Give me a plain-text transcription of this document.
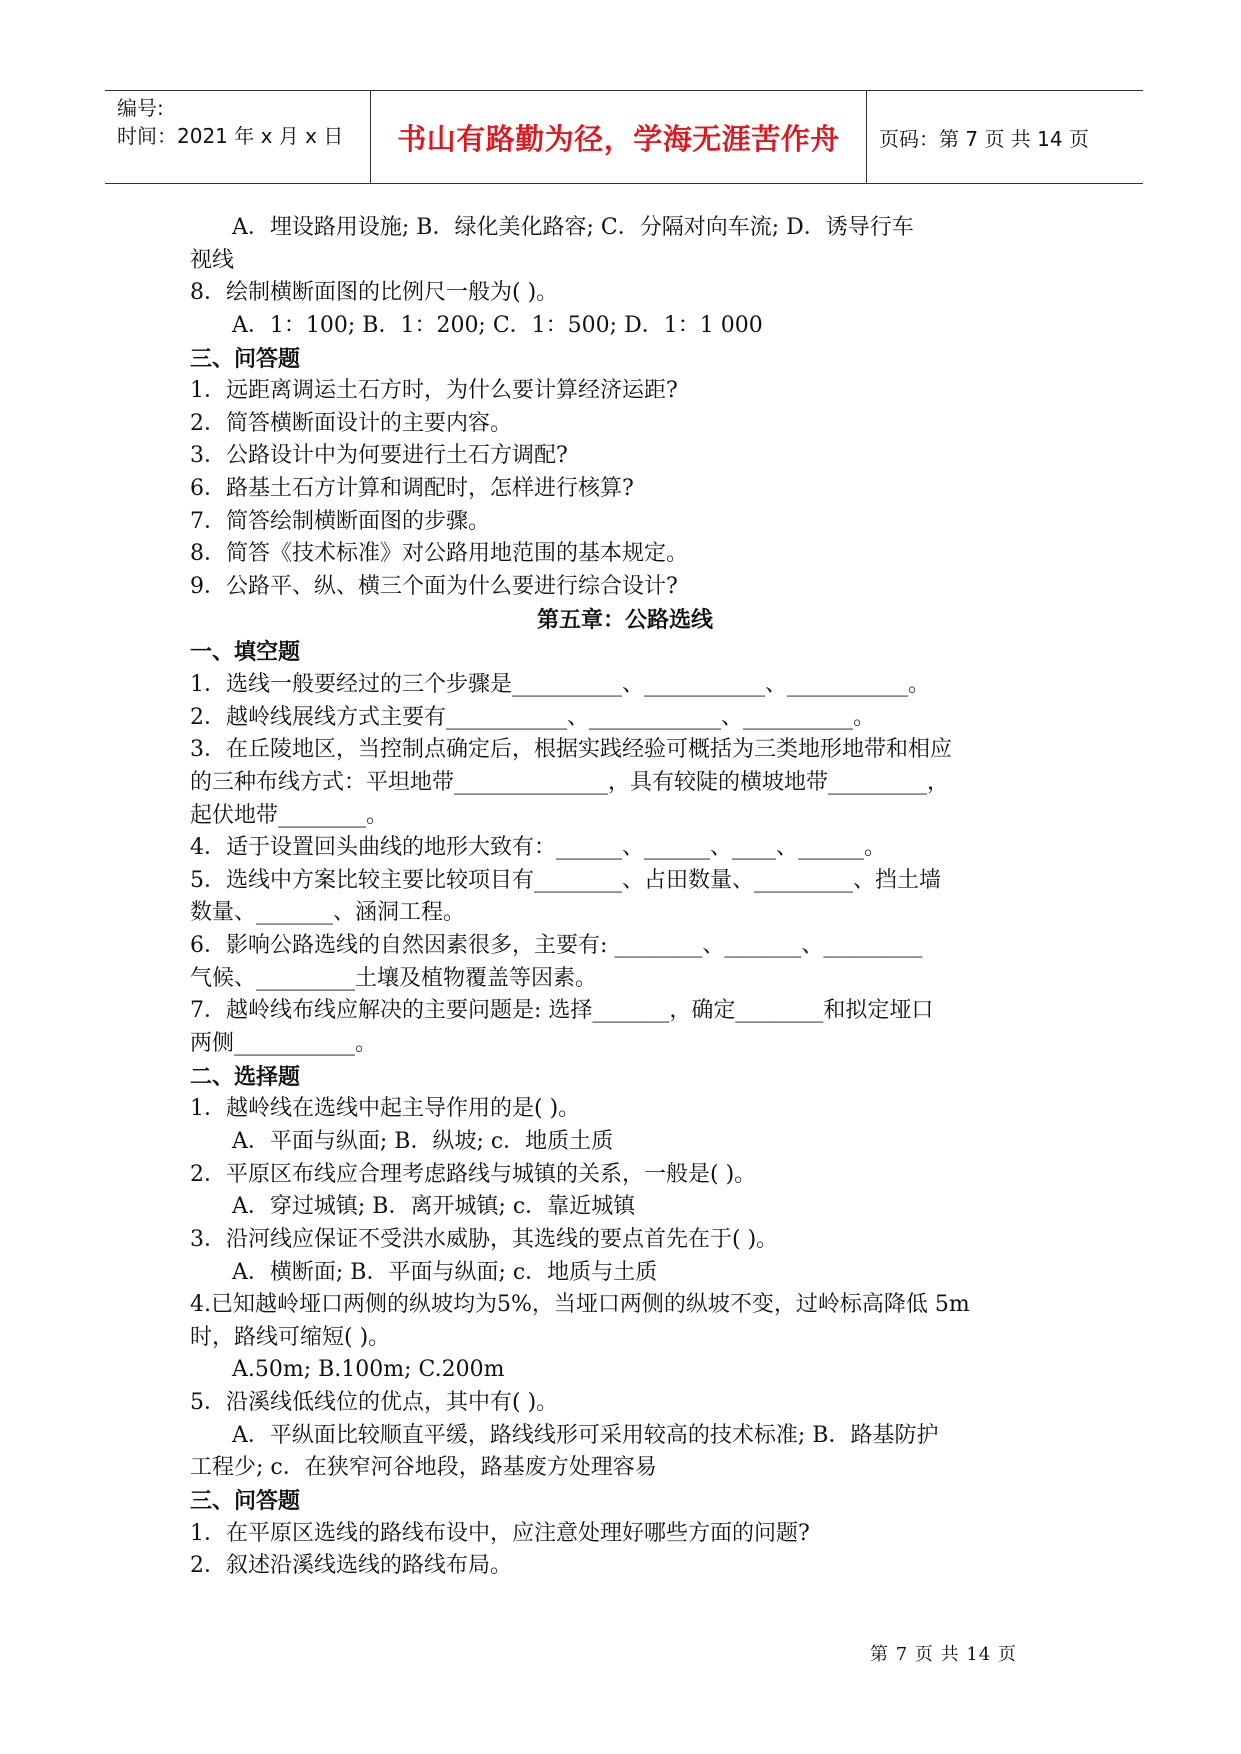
编号:
时间：2021 年 x 月 x 日	书山有路勤为径，学海无涯苦作舟	页码：第 7 页 共 14 页
A．埋设路用设施; B．绿化美化路容; C．分隔对向车流; D．诱导行车
视线
8．绘制横断面图的比例尺一般为( )。
A．1：100; B．1：200; C．1：500; D．1：1 000
三、问答题
1．远距离调运土石方时，为什么要计算经济运距?
2．简答横断面设计的主要内容。
3．公路设计中为何要进行土石方调配?
6．路基土石方计算和调配时，怎样进行核算?
7．简答绘制横断面图的步骤。
8．简答《技术标准》对公路用地范围的基本规定。
9．公路平、纵、横三个面为什么要进行综合设计?
第五章：公路选线
一、填空题
1．选线一般要经过的三个步骤是__________、___________、___________。
2．越岭线展线方式主要有___________、____________、__________。
3．在丘陵地区，当控制点确定后，根据实践经验可概括为三类地形地带和相应
的三种布线方式：平坦地带______________，具有较陡的横坡地带_________，
起伏地带________。
4．适于设置回头曲线的地形大致有：______、______、____、______。
5．选线中方案比较主要比较项目有________、占田数量、_________、挡土墙
数量、_______、涵洞工程。
6．影响公路选线的自然因素很多，主要有: ________、_______、_________
气候、_________土壤及植物覆盖等因素。
7．越岭线布线应解决的主要问题是: 选择_______，确定________和拟定垭口
两侧___________。
二、选择题
1．越岭线在选线中起主导作用的是( )。
A．平面与纵面; B．纵坡; c．地质土质
2．平原区布线应合理考虑路线与城镇的关系，一般是( )。
A．穿过城镇; B．离开城镇; c．靠近城镇
3．沿河线应保证不受洪水威胁，其选线的要点首先在于( )。
A．横断面; B．平面与纵面; c．地质与土质
4.已知越岭垭口两侧的纵坡均为5%，当垭口两侧的纵坡不变，过岭标高降低 5m
时，路线可缩短( )。
A.50m; B.100m; C.200m
5．沿溪线低线位的优点，其中有( )。
A．平纵面比较顺直平缓，路线线形可采用较高的技术标准; B．路基防护
工程少; c．在狭窄河谷地段，路基废方处理容易
三、问答题
1．在平原区选线的路线布设中，应注意处理好哪些方面的问题?
2．叙述沿溪线选线的路线布局。
第 7 页 共 14 页
